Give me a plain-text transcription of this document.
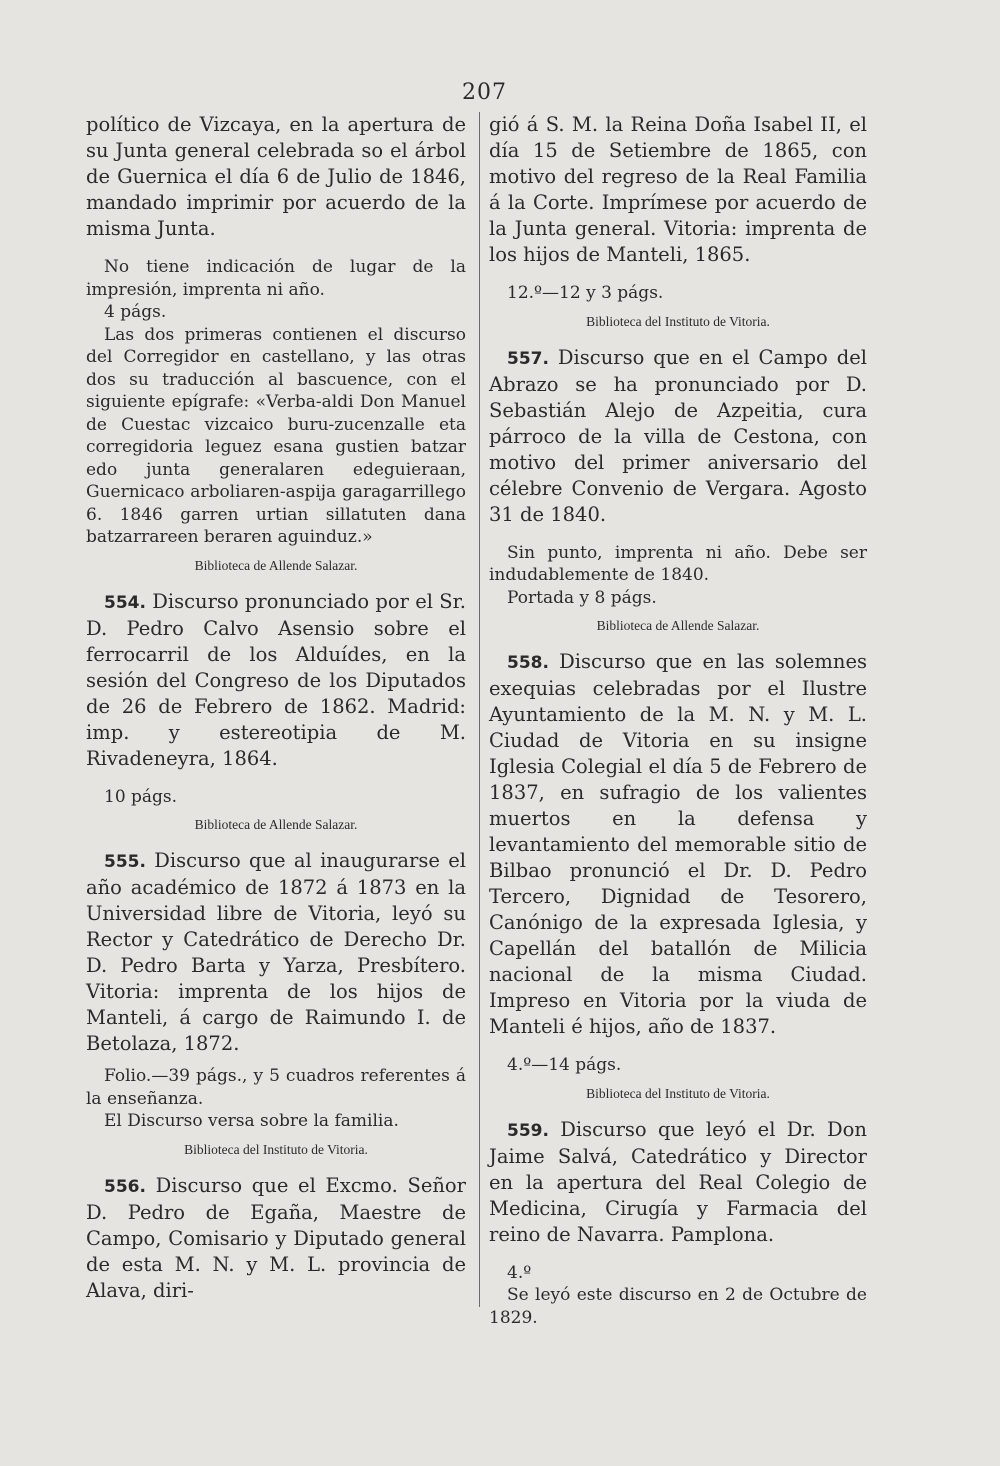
207

político de Vizcaya, en la apertura de su Junta general celebrada so el árbol de Guernica el día 6 de Julio de 1846, mandado imprimir por acuerdo de la misma Junta.

No tiene indicación de lugar de la impresión, imprenta ni año.

4 págs.

Las dos primeras contienen el discurso del Corregidor en castellano, y las otras dos su traducción al bascuence, con el siguiente epígrafe: «Verba-aldi Don Manuel de Cuestac vizcaico buru-zucenzalle eta corregidoria leguez esana gustien batzar edo junta generalaren edeguieraan, Guernicaco arboliaren-aspija garagarrillego 6. 1846 garren urtian sillatuten dana batzarrareen beraren aguinduz.»

Biblioteca de Allende Salazar.

554. Discurso pronunciado por el Sr. D. Pedro Calvo Asensio sobre el ferrocarril de los Alduídes, en la sesión del Congreso de los Diputados de 26 de Febrero de 1862. Madrid: imp. y estereotipia de M. Rivadeneyra, 1864.

10 págs.

Biblioteca de Allende Salazar.

555. Discurso que al inaugurarse el año académico de 1872 á 1873 en la Universidad libre de Vitoria, leyó su Rector y Catedrático de Derecho Dr. D. Pedro Barta y Yarza, Presbítero. Vitoria: imprenta de los hijos de Manteli, á cargo de Raimundo I. de Betolaza, 1872.

Folio.—39 págs., y 5 cuadros referentes á la enseñanza.

El Discurso versa sobre la familia.

Biblioteca del Instituto de Vitoria.

556. Discurso que el Excmo. Señor D. Pedro de Egaña, Maestre de Campo, Comisario y Diputado general de esta M. N. y M. L. provincia de Alava, diri-

gió á S. M. la Reina Doña Isabel II, el día 15 de Setiembre de 1865, con motivo del regreso de la Real Familia á la Corte. Imprímese por acuerdo de la Junta general. Vitoria: imprenta de los hijos de Manteli, 1865.

12.º—12 y 3 págs.

Biblioteca del Instituto de Vitoria.

557. Discurso que en el Campo del Abrazo se ha pronunciado por D. Sebastián Alejo de Azpeitia, cura párroco de la villa de Cestona, con motivo del primer aniversario del célebre Convenio de Vergara. Agosto 31 de 1840.

Sin punto, imprenta ni año. Debe ser indudablemente de 1840.

Portada y 8 págs.

Biblioteca de Allende Salazar.

558. Discurso que en las solemnes exequias celebradas por el Ilustre Ayuntamiento de la M. N. y M. L. Ciudad de Vitoria en su insigne Iglesia Colegial el día 5 de Febrero de 1837, en sufragio de los valientes muertos en la defensa y levantamiento del memorable sitio de Bilbao pronunció el Dr. D. Pedro Tercero, Dignidad de Tesorero, Canónigo de la expresada Iglesia, y Capellán del batallón de Milicia nacional de la misma Ciudad. Impreso en Vitoria por la viuda de Manteli é hijos, año de 1837.

4.º—14 págs.

Biblioteca del Instituto de Vitoria.

559. Discurso que leyó el Dr. Don Jaime Salvá, Catedrático y Director en la apertura del Real Colegio de Medicina, Cirugía y Farmacia del reino de Navarra. Pamplona.

4.º

Se leyó este discurso en 2 de Octubre de 1829.
